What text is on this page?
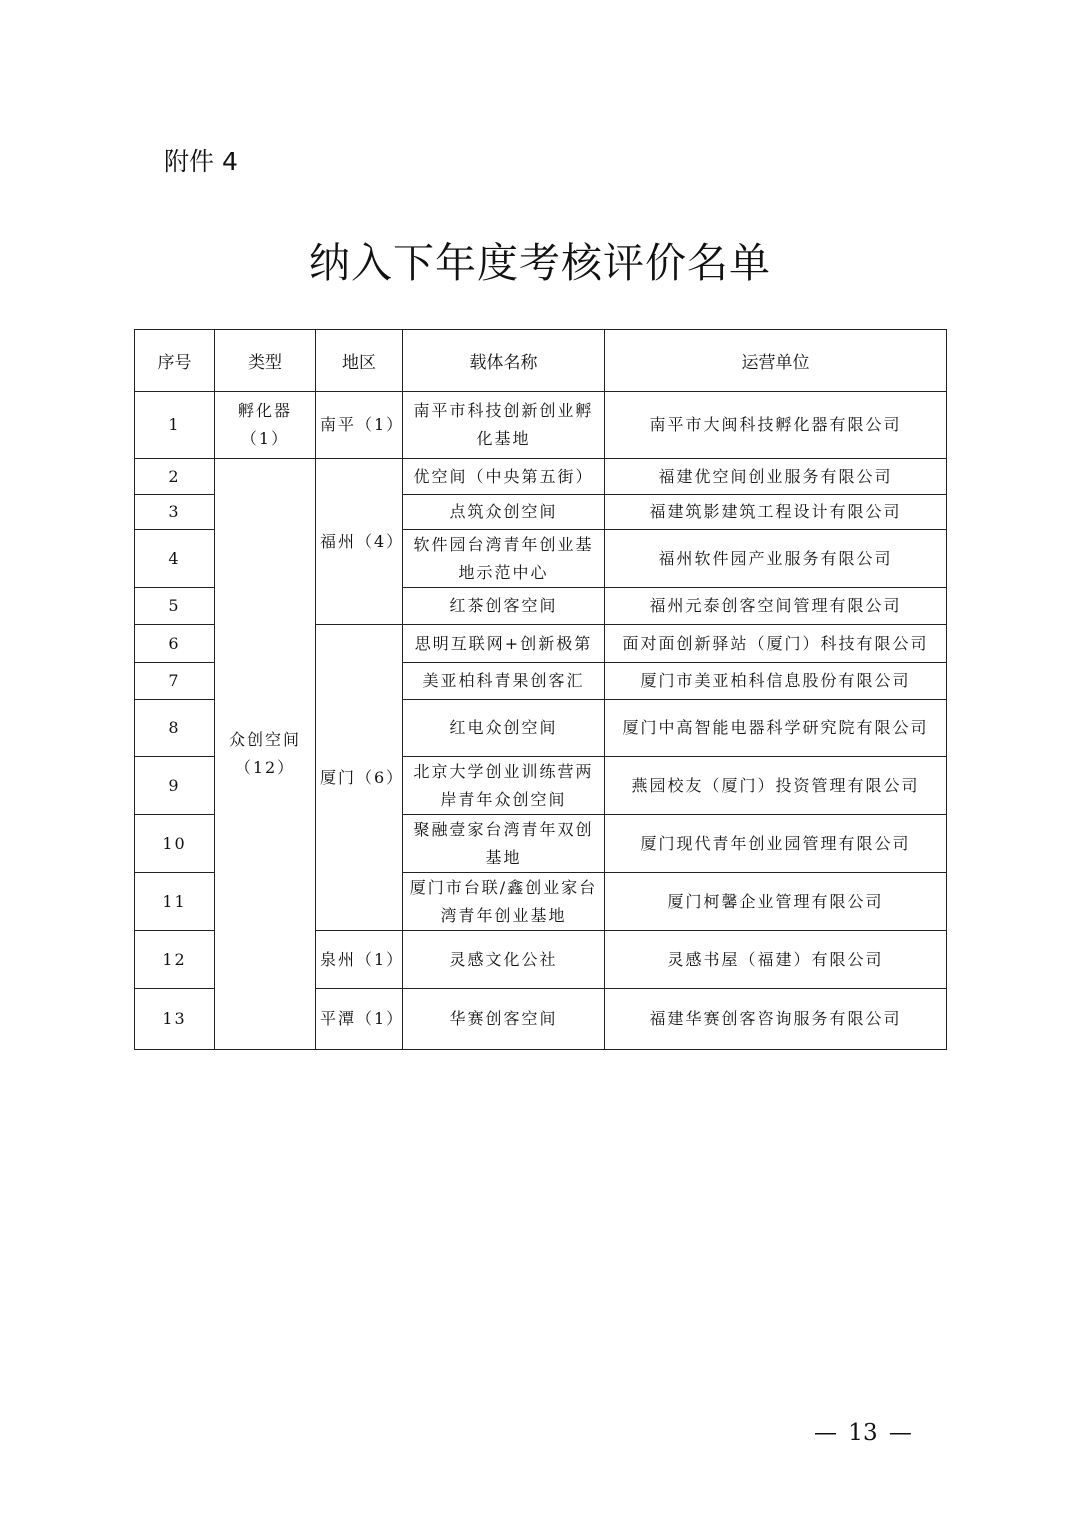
附件 4
纳入下年度考核评价名单
序号	类型	地区	载体名称	运营单位
1	孵化器（1）	南平（1）	南平市科技创新创业孵化基地	南平市大闽科技孵化器有限公司
2	众创空间（12）	福州（4）	优空间（中央第五街）	福建优空间创业服务有限公司
3			点筑众创空间	福建筑影建筑工程设计有限公司
4			软件园台湾青年创业基地示范中心	福州软件园产业服务有限公司
5			红茶创客空间	福州元泰创客空间管理有限公司
6		厦门（6）	思明互联网+创新极第	面对面创新驿站（厦门）科技有限公司
7			美亚柏科青果创客汇	厦门市美亚柏科信息股份有限公司
8			红电众创空间	厦门中高智能电器科学研究院有限公司
9			北京大学创业训练营两岸青年众创空间	燕园校友（厦门）投资管理有限公司
10			聚融壹家台湾青年双创基地	厦门现代青年创业园管理有限公司
11			厦门市台联/鑫创业家台湾青年创业基地	厦门柯馨企业管理有限公司
12		泉州（1）	灵感文化公社	灵感书屋（福建）有限公司
13		平潭（1）	华赛创客空间	福建华赛创客咨询服务有限公司
— 13 —
